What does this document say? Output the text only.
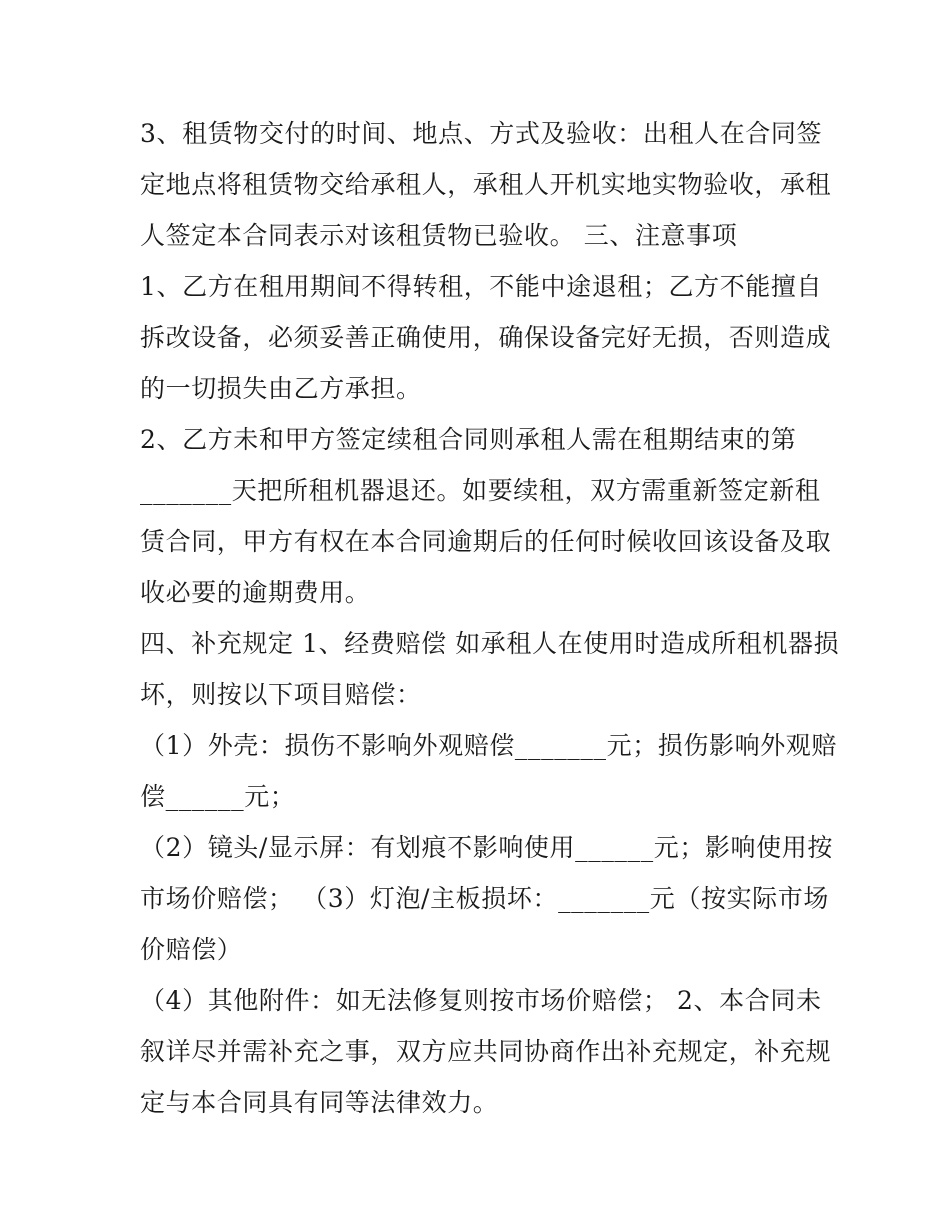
3、租赁物交付的时间、地点、方式及验收：出租人在合同签
定地点将租赁物交给承租人，承租人开机实地实物验收，承租
人签定本合同表示对该租赁物已验收。 三、注意事项

1、乙方在租用期间不得转租，不能中途退租；乙方不能擅自
拆改设备，必须妥善正确使用，确保设备完好无损，否则造成
的一切损失由乙方承担。

2、乙方未和甲方签定续租合同则承租人需在租期结束的第
_______天把所租机器退还。如要续租，双方需重新签定新租
赁合同，甲方有权在本合同逾期后的任何时候收回该设备及取
收必要的逾期费用。

四、补充规定 1、经费赔偿 如承租人在使用时造成所租机器损
坏，则按以下项目赔偿：

（1）外壳：损伤不影响外观赔偿_______元；损伤影响外观赔
偿______元；

（2）镜头/显示屏：有划痕不影响使用______元；影响使用按
市场价赔偿； （3）灯泡/主板损坏：_______元（按实际市场
价赔偿）

（4）其他附件：如无法修复则按市场价赔偿； 2、本合同未
叙详尽并需补充之事，双方应共同协商作出补充规定，补充规
定与本合同具有同等法律效力。
